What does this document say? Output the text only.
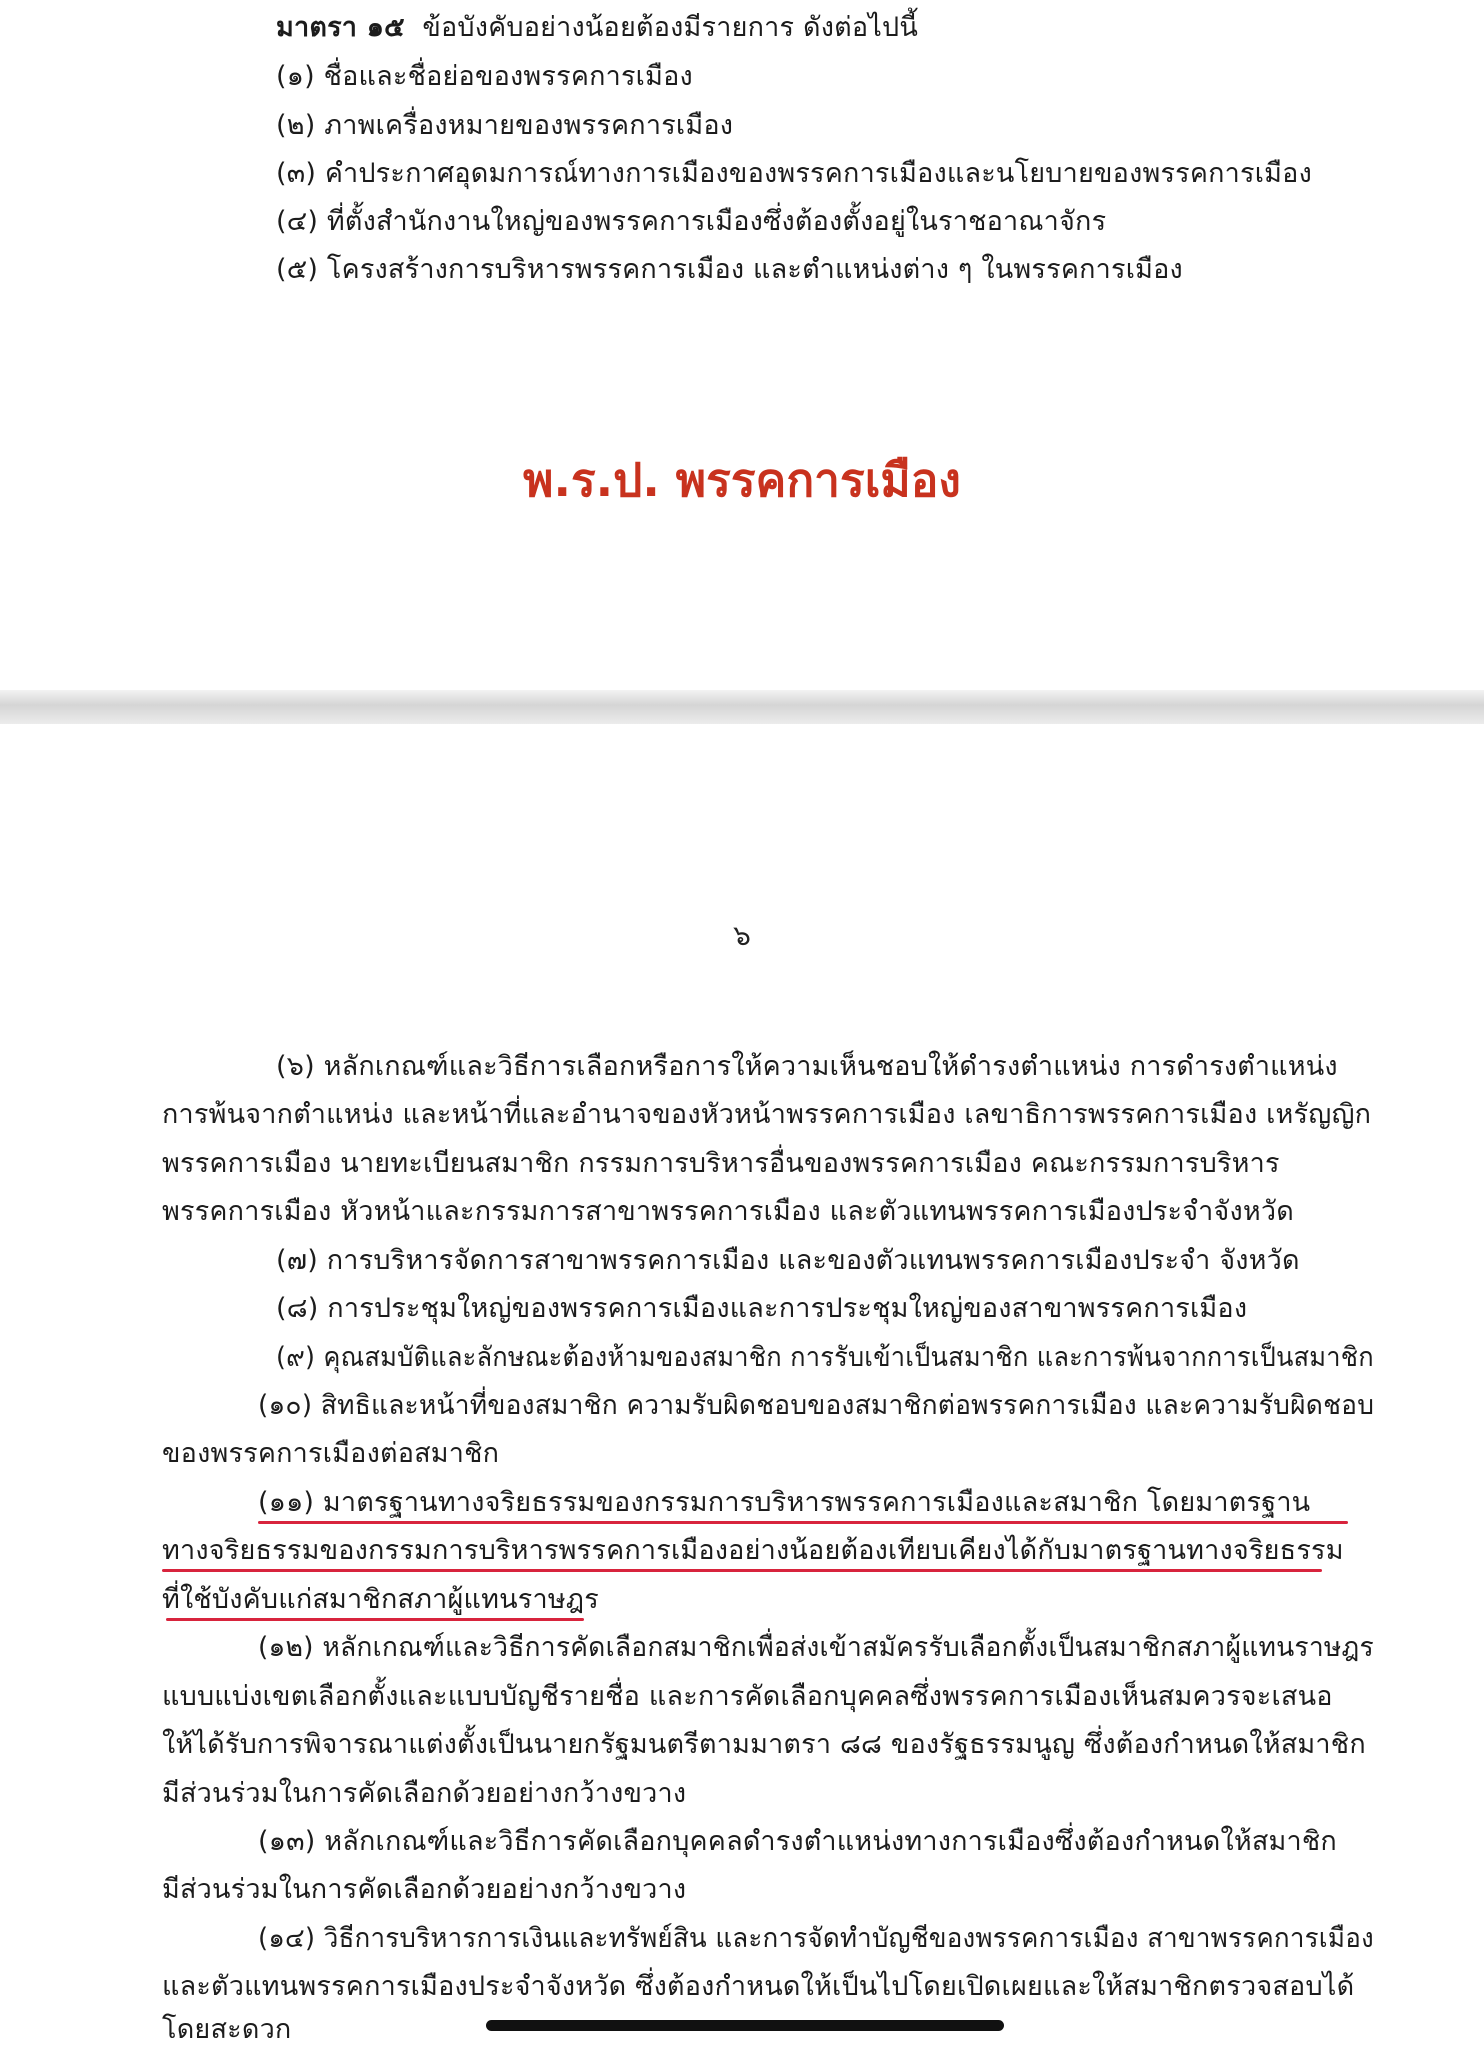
มาตรา ๑๕ ข้อบังคับอย่างน้อยต้องมีรายการ ดังต่อไปนี้
(๑) ชื่อและชื่อย่อของพรรคการเมือง
(๒) ภาพเครื่องหมายของพรรคการเมือง
(๓) คำประกาศอุดมการณ์ทางการเมืองของพรรคการเมืองและนโยบายของพรรคการเมือง
(๔) ที่ตั้งสำนักงานใหญ่ของพรรคการเมืองซึ่งต้องตั้งอยู่ในราชอาณาจักร
(๕) โครงสร้างการบริหารพรรคการเมือง และตำแหน่งต่าง ๆ ในพรรคการเมือง
พ.ร.ป. พรรคการเมือง
๖
(๖) หลักเกณฑ์และวิธีการเลือกหรือการให้ความเห็นชอบให้ดำรงตำแหน่ง การดำรงตำแหน่ง
การพ้นจากตำแหน่ง และหน้าที่และอำนาจของหัวหน้าพรรคการเมือง เลขาธิการพรรคการเมือง เหรัญญิก
พรรคการเมือง นายทะเบียนสมาชิก กรรมการบริหารอื่นของพรรคการเมือง คณะกรรมการบริหาร
พรรคการเมือง หัวหน้าและกรรมการสาขาพรรคการเมือง และตัวแทนพรรคการเมืองประจำจังหวัด
(๗) การบริหารจัดการสาขาพรรคการเมือง และของตัวแทนพรรคการเมืองประจำ จังหวัด
(๘) การประชุมใหญ่ของพรรคการเมืองและการประชุมใหญ่ของสาขาพรรคการเมือง
(๙) คุณสมบัติและลักษณะต้องห้ามของสมาชิก การรับเข้าเป็นสมาชิก และการพ้นจากการเป็นสมาชิก
(๑๐) สิทธิและหน้าที่ของสมาชิก ความรับผิดชอบของสมาชิกต่อพรรคการเมือง และความรับผิดชอบ
ของพรรคการเมืองต่อสมาชิก
(๑๑) มาตรฐานทางจริยธรรมของกรรมการบริหารพรรคการเมืองและสมาชิก โดยมาตรฐาน
ทางจริยธรรมของกรรมการบริหารพรรคการเมืองอย่างน้อยต้องเทียบเคียงได้กับมาตรฐานทางจริยธรรม
ที่ใช้บังคับแก่สมาชิกสภาผู้แทนราษฎร
(๑๒) หลักเกณฑ์และวิธีการคัดเลือกสมาชิกเพื่อส่งเข้าสมัครรับเลือกตั้งเป็นสมาชิกสภาผู้แทนราษฎร
แบบแบ่งเขตเลือกตั้งและแบบบัญชีรายชื่อ และการคัดเลือกบุคคลซึ่งพรรคการเมืองเห็นสมควรจะเสนอ
ให้ได้รับการพิจารณาแต่งตั้งเป็นนายกรัฐมนตรีตามมาตรา ๘๘ ของรัฐธรรมนูญ ซึ่งต้องกำหนดให้สมาชิก
มีส่วนร่วมในการคัดเลือกด้วยอย่างกว้างขวาง
(๑๓) หลักเกณฑ์และวิธีการคัดเลือกบุคคลดำรงตำแหน่งทางการเมืองซึ่งต้องกำหนดให้สมาชิก
มีส่วนร่วมในการคัดเลือกด้วยอย่างกว้างขวาง
(๑๔) วิธีการบริหารการเงินและทรัพย์สิน และการจัดทำบัญชีของพรรคการเมือง สาขาพรรคการเมือง
และตัวแทนพรรคการเมืองประจำจังหวัด ซึ่งต้องกำหนดให้เป็นไปโดยเปิดเผยและให้สมาชิกตรวจสอบได้
โดยสะดวก
